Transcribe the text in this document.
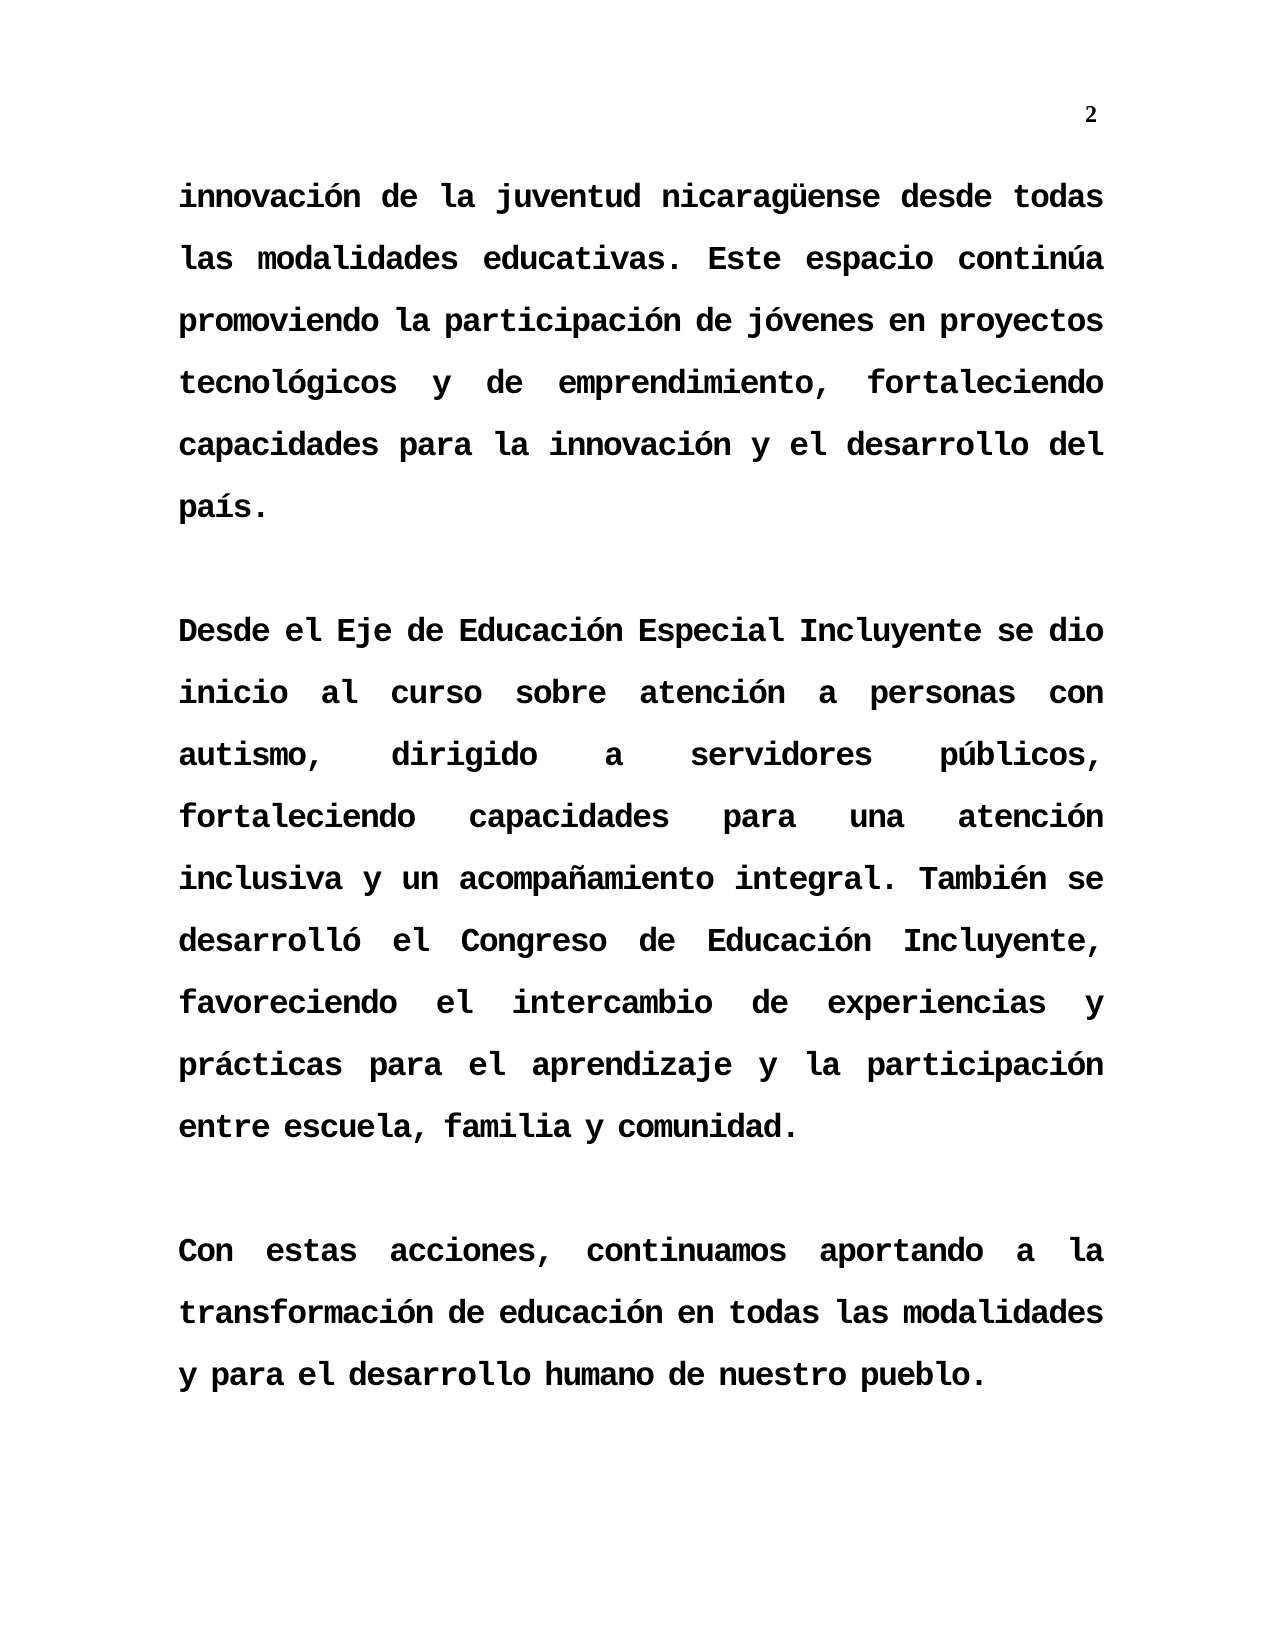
2

innovación de la juventud nicaragüense desde todas las modalidades educativas. Este espacio continúa promoviendo la participación de jóvenes en proyectos tecnológicos y de emprendimiento, fortaleciendo capacidades para la innovación y el desarrollo del país.

Desde el Eje de Educación Especial Incluyente se dio inicio al curso sobre atención a personas con autismo, dirigido a servidores públicos, fortaleciendo capacidades para una atención inclusiva y un acompañamiento integral. También se desarrolló el Congreso de Educación Incluyente, favoreciendo el intercambio de experiencias y prácticas para el aprendizaje y la participación entre escuela, familia y comunidad.

Con estas acciones, continuamos aportando a la transformación de educación en todas las modalidades y para el desarrollo humano de nuestro pueblo.
